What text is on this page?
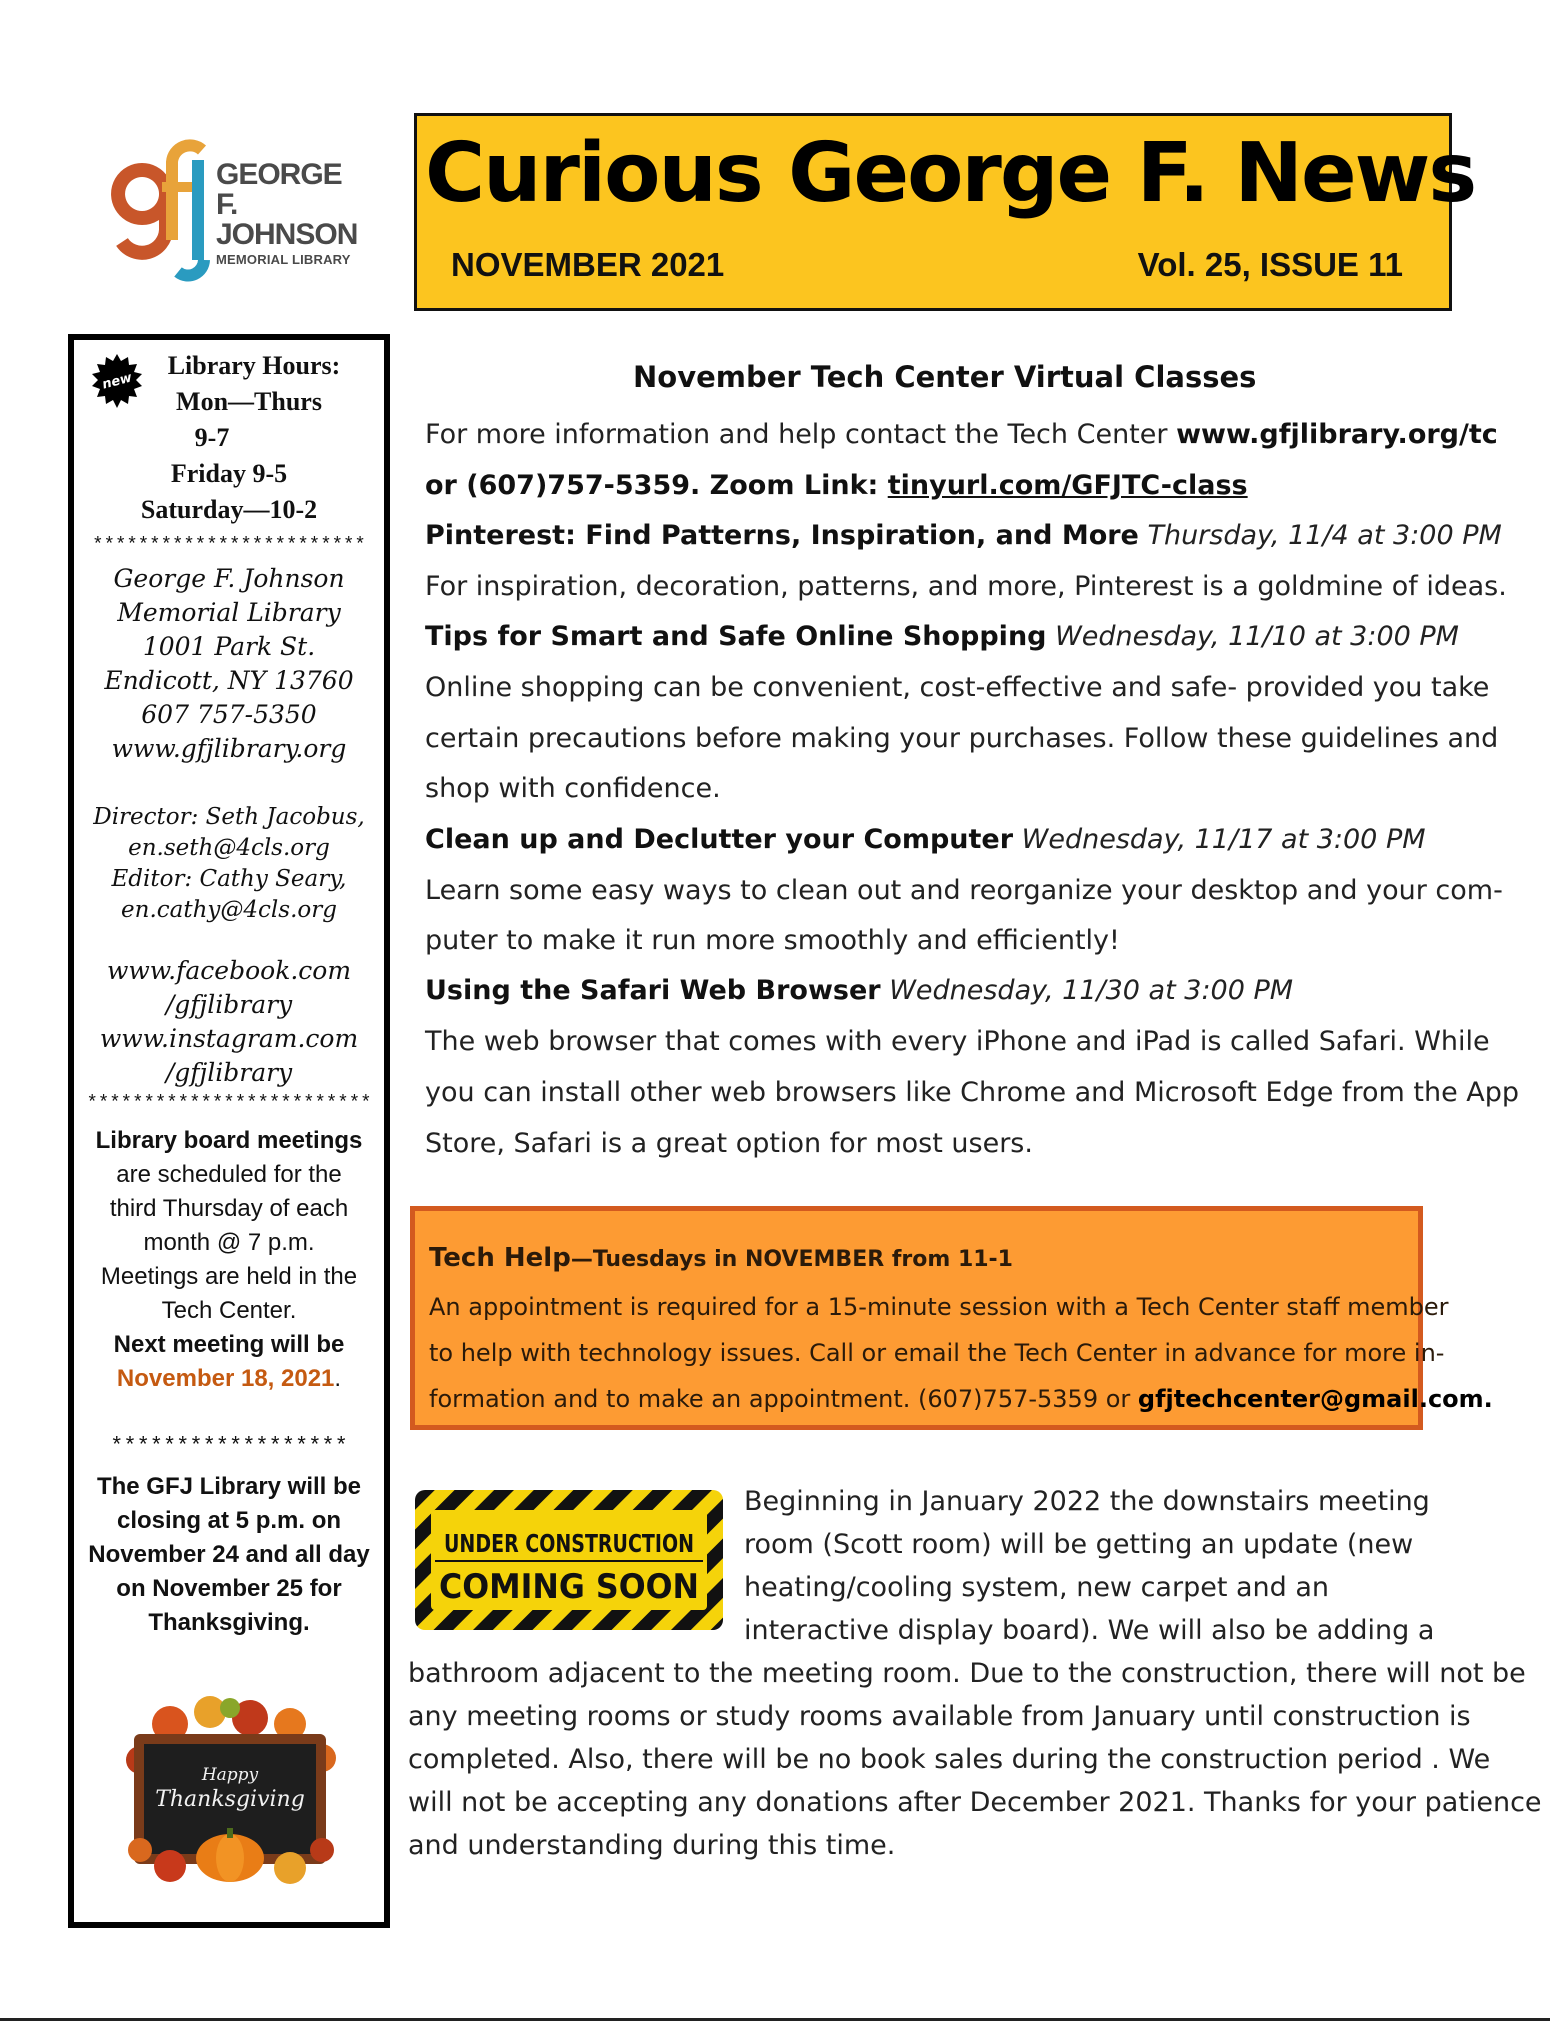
GEORGE F.
JOHNSON
MEMORIAL LIBRARY
Curious George F. News
NOVEMBER 2021	Vol. 25, ISSUE 11
new
Library Hours:
Mon—Thurs
9-7
Friday 9-5
Saturday—10-2
************************
George F. Johnson
Memorial Library
1001 Park St.
Endicott, NY 13760
607 757-5350
www.gfjlibrary.org
Director: Seth Jacobus,
en.seth@4cls.org
Editor: Cathy Seary,
en.cathy@4cls.org
www.facebook.com
/gfjlibrary
www.instagram.com
/gfjlibrary
*************************
Library board meetings
are scheduled for the
third Thursday of each
month @ 7 p.m.
Meetings are held in the
Tech Center.
Next meeting will be
November 18, 2021.
******************
The GFJ Library will be
closing at 5 p.m. on
November 24 and all day
on November 25 for
Thanksgiving.
Happy
Thanksgiving
November Tech Center Virtual Classes
For more information and help contact the Tech Center www.gfjlibrary.org/tc
or (607)757-5359. Zoom Link: tinyurl.com/GFJTC-class
Pinterest: Find Patterns, Inspiration, and More Thursday, 11/4 at 3:00 PM
For inspiration, decoration, patterns, and more, Pinterest is a goldmine of ideas.
Tips for Smart and Safe Online Shopping Wednesday, 11/10 at 3:00 PM
Online shopping can be convenient, cost-effective and safe- provided you take
certain precautions before making your purchases. Follow these guidelines and
shop with confidence.
Clean up and Declutter your Computer Wednesday, 11/17 at 3:00 PM
Learn some easy ways to clean out and reorganize your desktop and your com-
puter to make it run more smoothly and efficiently!
Using the Safari Web Browser Wednesday, 11/30 at 3:00 PM
The web browser that comes with every iPhone and iPad is called Safari. While
you can install other web browsers like Chrome and Microsoft Edge from the App
Store, Safari is a great option for most users.
Tech Help—Tuesdays in NOVEMBER from 11-1
An appointment is required for a 15-minute session with a Tech Center staff member
to help with technology issues. Call or email the Tech Center in advance for more in-
formation and to make an appointment. (607)757-5359 or gfjtechcenter@gmail.com.
UNDER CONSTRUCTION
COMING SOON
Beginning in January 2022 the downstairs meeting
room (Scott room) will be getting an update (new
heating/cooling system, new carpet and an
interactive display board). We will also be adding a
bathroom adjacent to the meeting room. Due to the construction, there will not be
any meeting rooms or study rooms available from January until construction is
completed. Also, there will be no book sales during the construction period . We
will not be accepting any donations after December 2021. Thanks for your patience
and understanding during this time.
